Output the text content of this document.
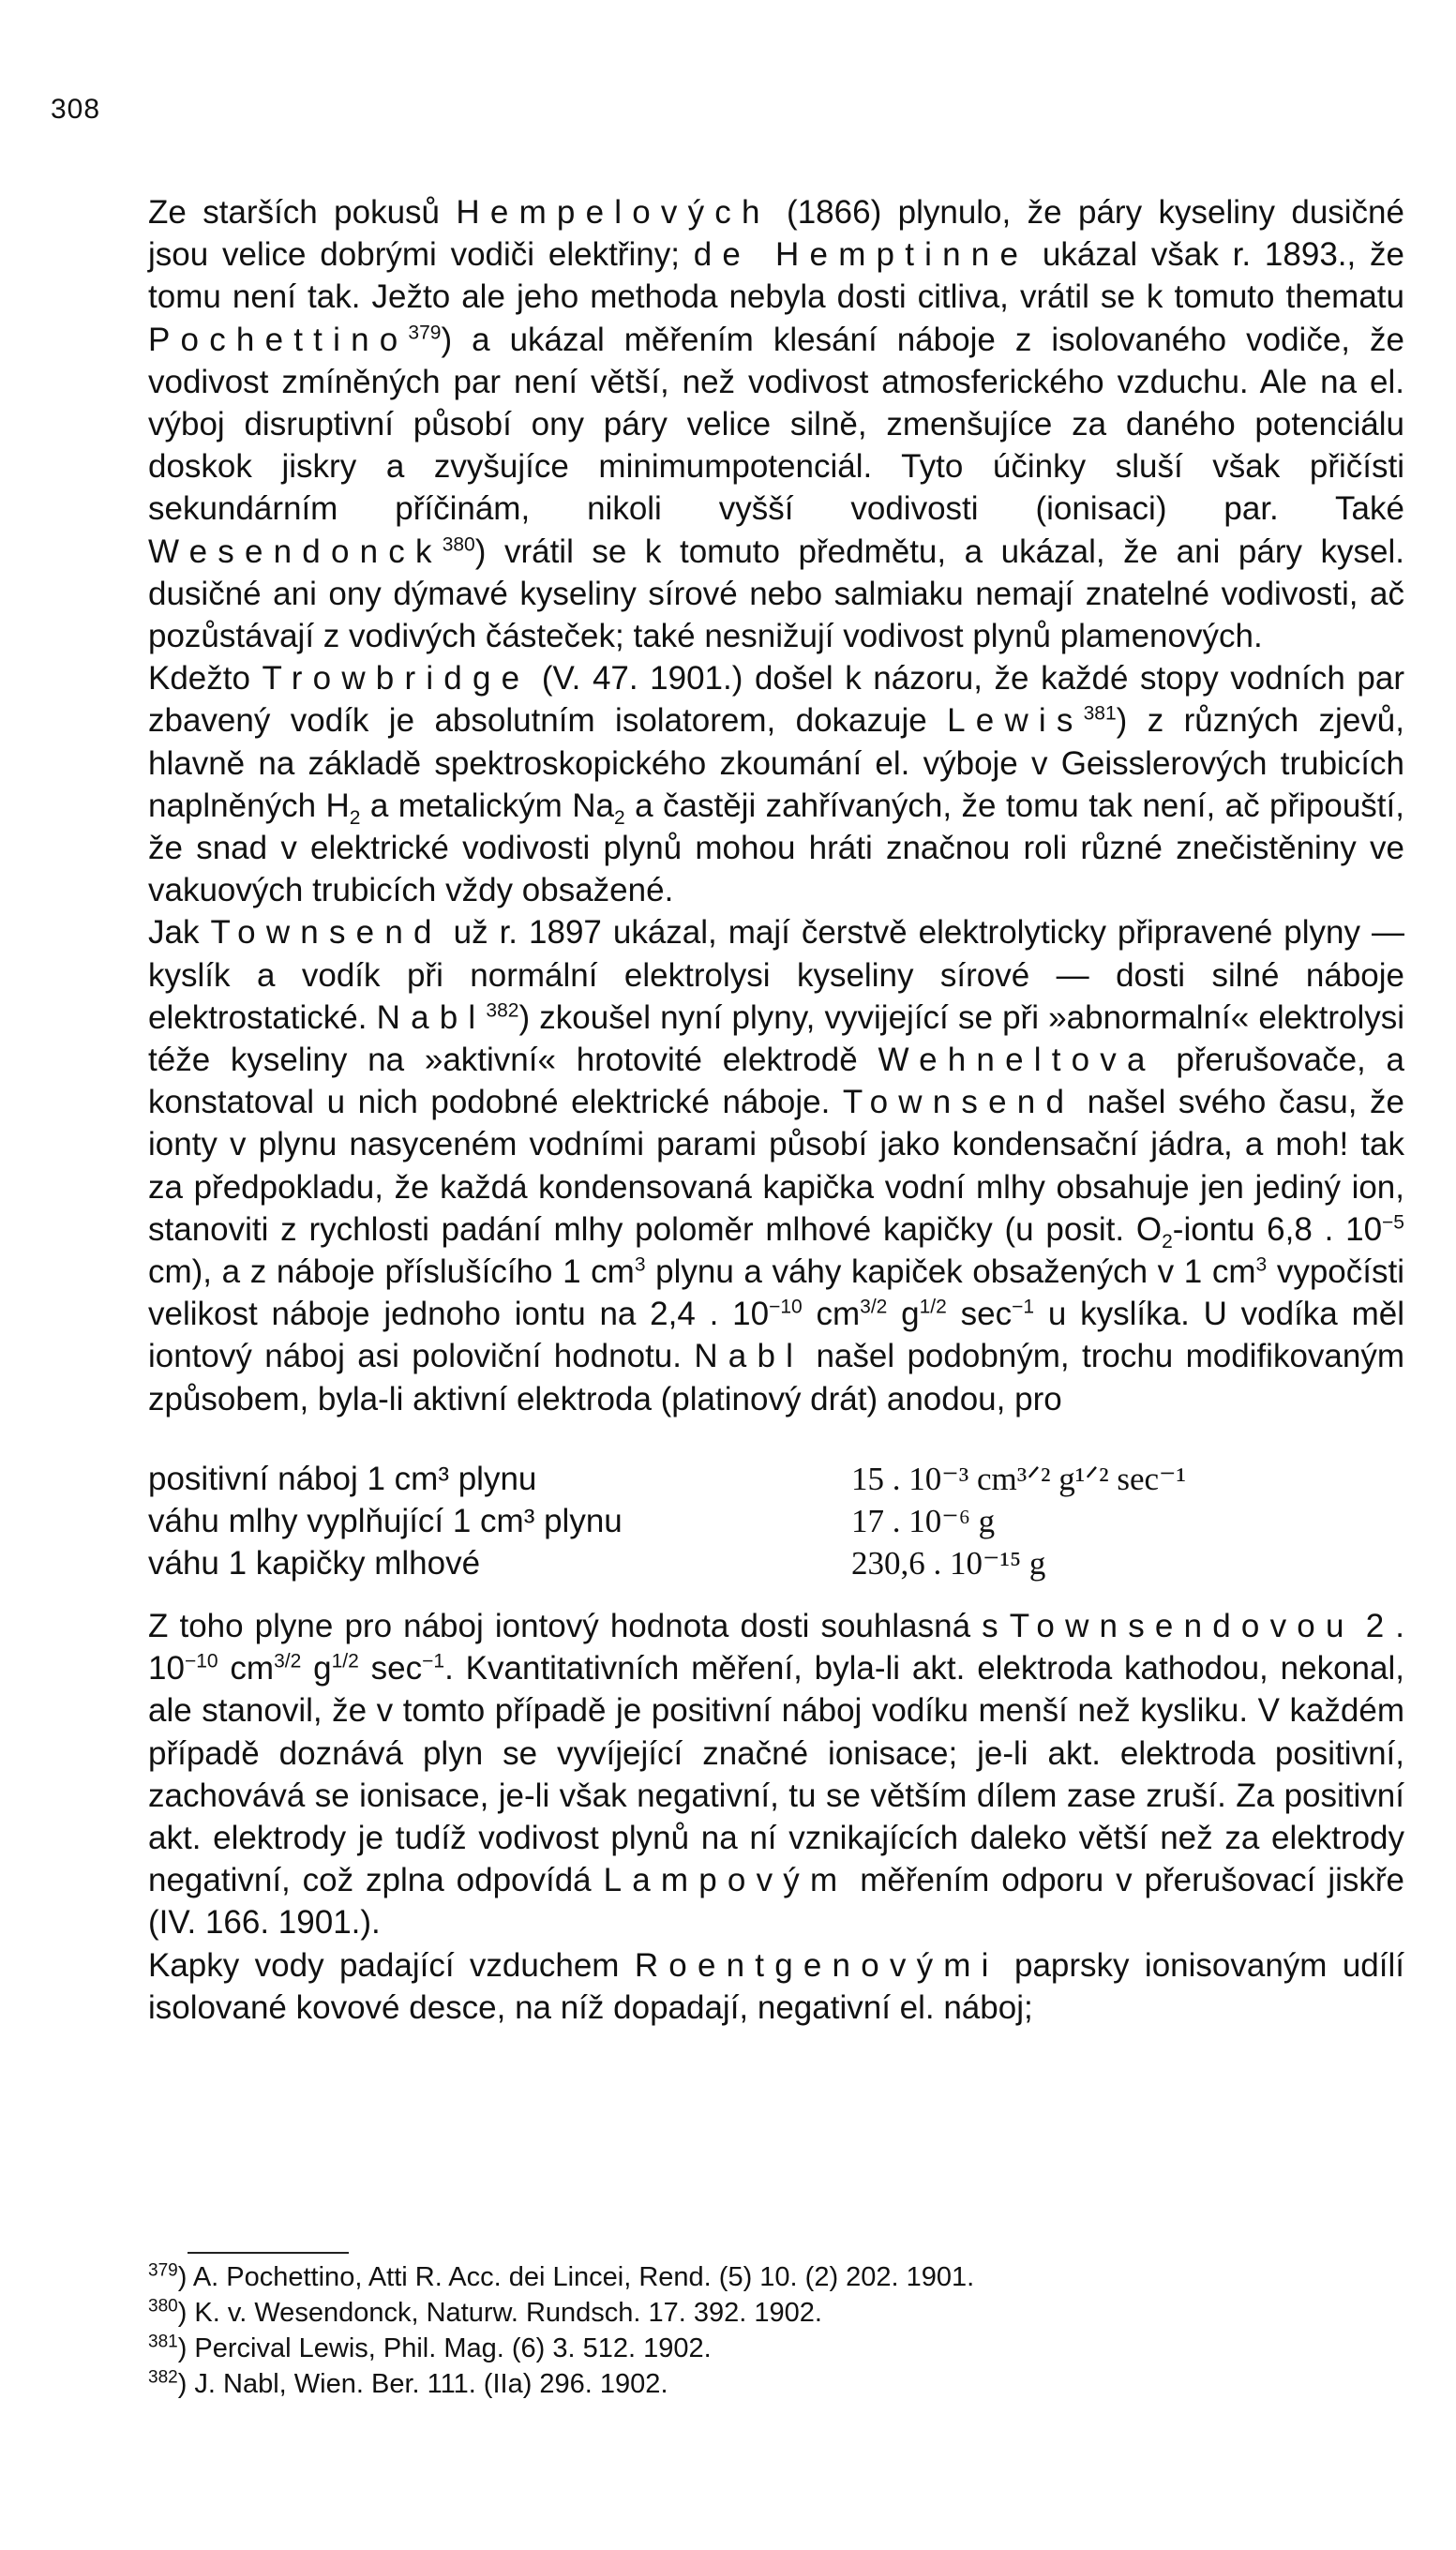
308

Ze starších pokusů Hempelových (1866) plynulo, že páry kyseliny dusičné jsou velice dobrými vodiči elektřiny; de Hemptinne ukázal však r. 1893., že tomu není tak. Ježto ale jeho methoda nebyla dosti citliva, vrátil se k tomuto thematu Pochettino$^{379}$) a ukázal měřením klesání náboje z isolovaného vodiče, že vodivost zmíněných par není větší, než vodivost atmosferického vzduchu. Ale na el. výboj disruptivní působí ony páry velice silně, zmenšujíce za daného potenciálu doskok jiskry a zvyšujíce minimumpotenciál. Tyto účinky sluší však přičísti sekundárním příčinám, nikoli vyšší vodivosti (ionisaci) par. Také Wesendonck$^{380}$) vrátil se k tomuto předmětu, a ukázal, že ani páry kysel. dusičné ani ony dýmavé kyseliny sírové nebo salmiaku nemají znatelné vodivosti, ač pozůstávají z vodivých částeček; také nesnižují vodivost plynů plamenových.

Kdežto Trowbridge (V. 47. 1901.) došel k názoru, že každé stopy vodních par zbavený vodík je absolutním isolatorem, dokazuje Lewis$^{381}$) z různých zjevů, hlavně na základě spektroskopického zkoumání el. výboje v Geisslerových trubicích naplněných $H_2$ a metalickým $Na_2$ a častěji zahřívaných, že tomu tak není, ač připouští, že snad v elektrické vodivosti plynů mohou hráti značnou roli různé znečistěniny ve vakuových trubicích vždy obsažené.

Jak Townsend už r. 1897 ukázal, mají čerstvě elektrolyticky připravené plyny — kyslík a vodík při normální elektrolysi kyseliny sírové — dosti silné náboje elektrostatické. Nabl$^{382}$) zkoušel nyní plyny, vyvijející se při »abnormalní« elektrolysi téže kyseliny na »aktivní« hrotovité elektrodě Wehneltova přerušovače, a konstatoval u nich podobné elektrické náboje. Townsend našel svého času, že ionty v plynu nasyceném vodními parami působí jako kondensační jádra, a moh! tak za předpokladu, že každá kondensovaná kapička vodní mlhy obsahuje jen jediný ion, stanoviti z rychlosti padání mlhy poloměr mlhové kapičky (u posit. $O_2$-iontu 6,8 . $10^{-5}$ cm), a z náboje příslušícího 1 $cm^3$ plynu a váhy kapiček obsažených v 1 $cm^3$ vypočísti velikost náboje jednoho iontu na 2,4 . $10^{-10}$ $cm^{3/2}$ $g^{1/2}$ $\sec^{-1} u$ kyslíka. U vodíka měl iontový náboj asi poloviční hodnotu. Nabl našel podobným, trochu modifikovaným způsobem, byla-li aktivní elektroda (platinový drát) anodou, pro

positivní náboj 1 cm³ plynu	15 . 10⁻³ cm³ᐟ² g¹ᐟ² sec⁻¹
váhu mlhy vyplňující 1 cm³ plynu	17 . 10⁻⁶ g
váhu 1 kapičky mlhové	230,6 . 10⁻¹⁵ g

Z toho plyne pro náboj iontový hodnota dosti souhlasná s Townsendovou 2 . $10^{-10}$ $cm^{3/2}$ $g^{1/2}$ $\sec^{-1}$. Kvantitativních měření, byla-li akt. elektroda kathodou, nekonal, ale stanovil, že v tomto případě je positivní náboj vodíku menší než kysliku. V každém případě doznává plyn se vyvíjející značné ionisace; je-li akt. elektroda positivní, zachovává se ionisace, je-li však negativní, tu se větším dílem zase zruší. Za positivní akt. elektrody je tudíž vodivost plynů na ní vznikajících daleko větší než za elektrody negativní, což zplna odpovídá Lampovým měřením odporu v přerušovací jiskře (IV. 166. 1901.).

Kapky vody padající vzduchem Roentgenovými paprsky ionisovaným udílí isolované kovové desce, na níž dopadají, negativní el. náboj;

$^{379}$) A. Pochettino, Atti R. Acc. dei Lincei, Rend. (5) 10. (2) 202. 1901.

$^{380}$) K. v. Wesendonck, Naturw. Rundsch. 17. 392. 1902.

$^{381}$) Percival Lewis, Phil. Mag. (6) 3. 512. 1902.

$^{382}$) J. Nabl, Wien. Ber. 111. (IIa) 296. 1902.
